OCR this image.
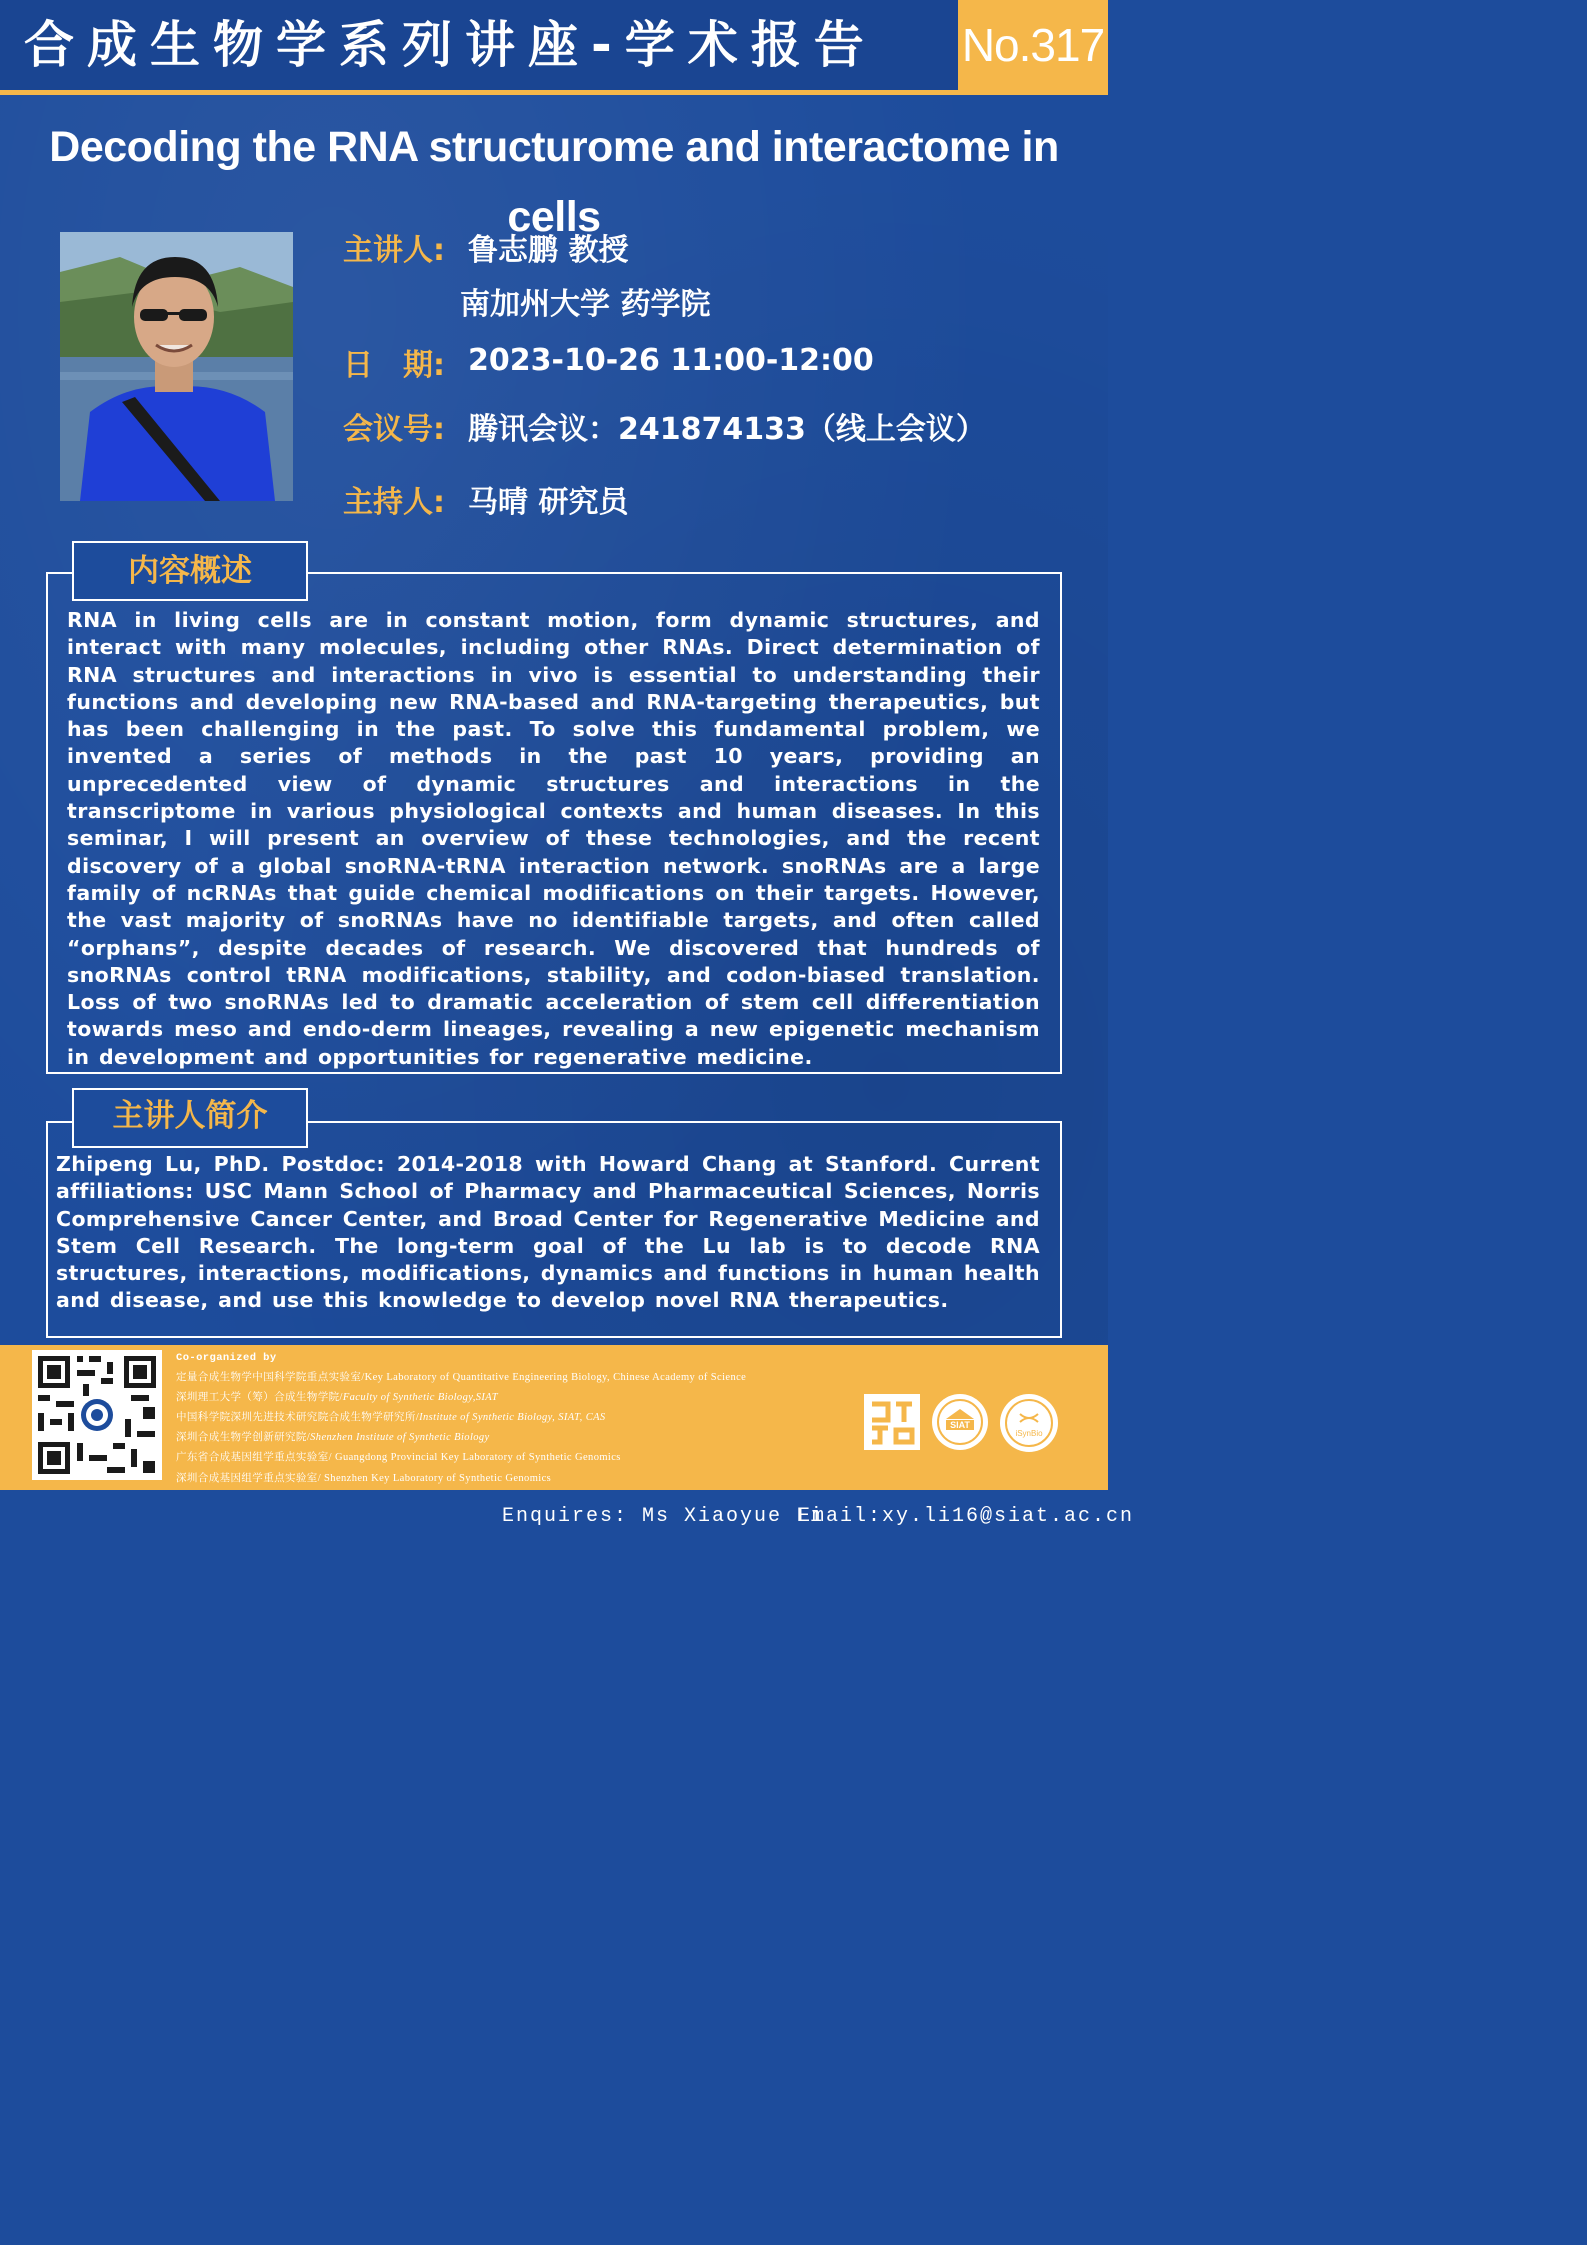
合成生物学系列讲座-学术报告	No.317
Decoding the RNA structurome and interactome in cells
主讲人: 鲁志鹏 教授
南加州大学 药学院
日　期: 2023-10-26 11:00-12:00
会议号: 腾讯会议：241874133（线上会议）
主持人: 马晴 研究员
内容概述
RNA in living cells are in constant motion, form dynamic structures, and interact with many molecules, including other RNAs. Direct determination of RNA structures and interactions in vivo is essential to understanding their functions and developing new RNA-based and RNA-targeting therapeutics, but has been challenging in the past. To solve this fundamental problem, we invented a series of methods in the past 10 years, providing an unprecedented view of dynamic structures and interactions in the transcriptome in various physiological contexts and human diseases. In this seminar, I will present an overview of these technologies, and the recent discovery of a global snoRNA-tRNA interaction network. snoRNAs are a large family of ncRNAs that guide chemical modifications on their targets. However, the vast majority of snoRNAs have no identifiable targets, and often called “orphans”, despite decades of research. We discovered that hundreds of snoRNAs control tRNA modifications, stability, and codon-biased translation. Loss of two snoRNAs led to dramatic acceleration of stem cell differentiation towards meso and endo-derm lineages, revealing a new epigenetic mechanism in development and opportunities for regenerative medicine.
主讲人简介
Zhipeng Lu, PhD. Postdoc: 2014-2018 with Howard Chang at Stanford. Current affiliations: USC Mann School of Pharmacy and Pharmaceutical Sciences, Norris Comprehensive Cancer Center, and Broad Center for Regenerative Medicine and Stem Cell Research. The long-term goal of the Lu lab is to decode RNA structures, interactions, modifications, dynamics and functions in human health and disease, and use this knowledge to develop novel RNA therapeutics.
Co-organized by
定量合成生物学中国科学院重点实验室/Key Laboratory of Quantitative Engineering Biology, Chinese Academy of Science
深圳理工大学（筹）合成生物学院/Faculty of Synthetic Biology,SIAT
中国科学院深圳先进技术研究院合成生物学研究所/Institute of Synthetic Biology, SIAT, CAS
深圳合成生物学创新研究院/Shenzhen Institute of Synthetic Biology
广东省合成基因组学重点实验室/ Guangdong Provincial Key Laboratory of Synthetic Genomics
深圳合成基因组学重点实验室/ Shenzhen Key Laboratory of Synthetic Genomics
SIAT
iSynBio
Enquires: Ms Xiaoyue Li
Email:xy.li16@siat.ac.cn
